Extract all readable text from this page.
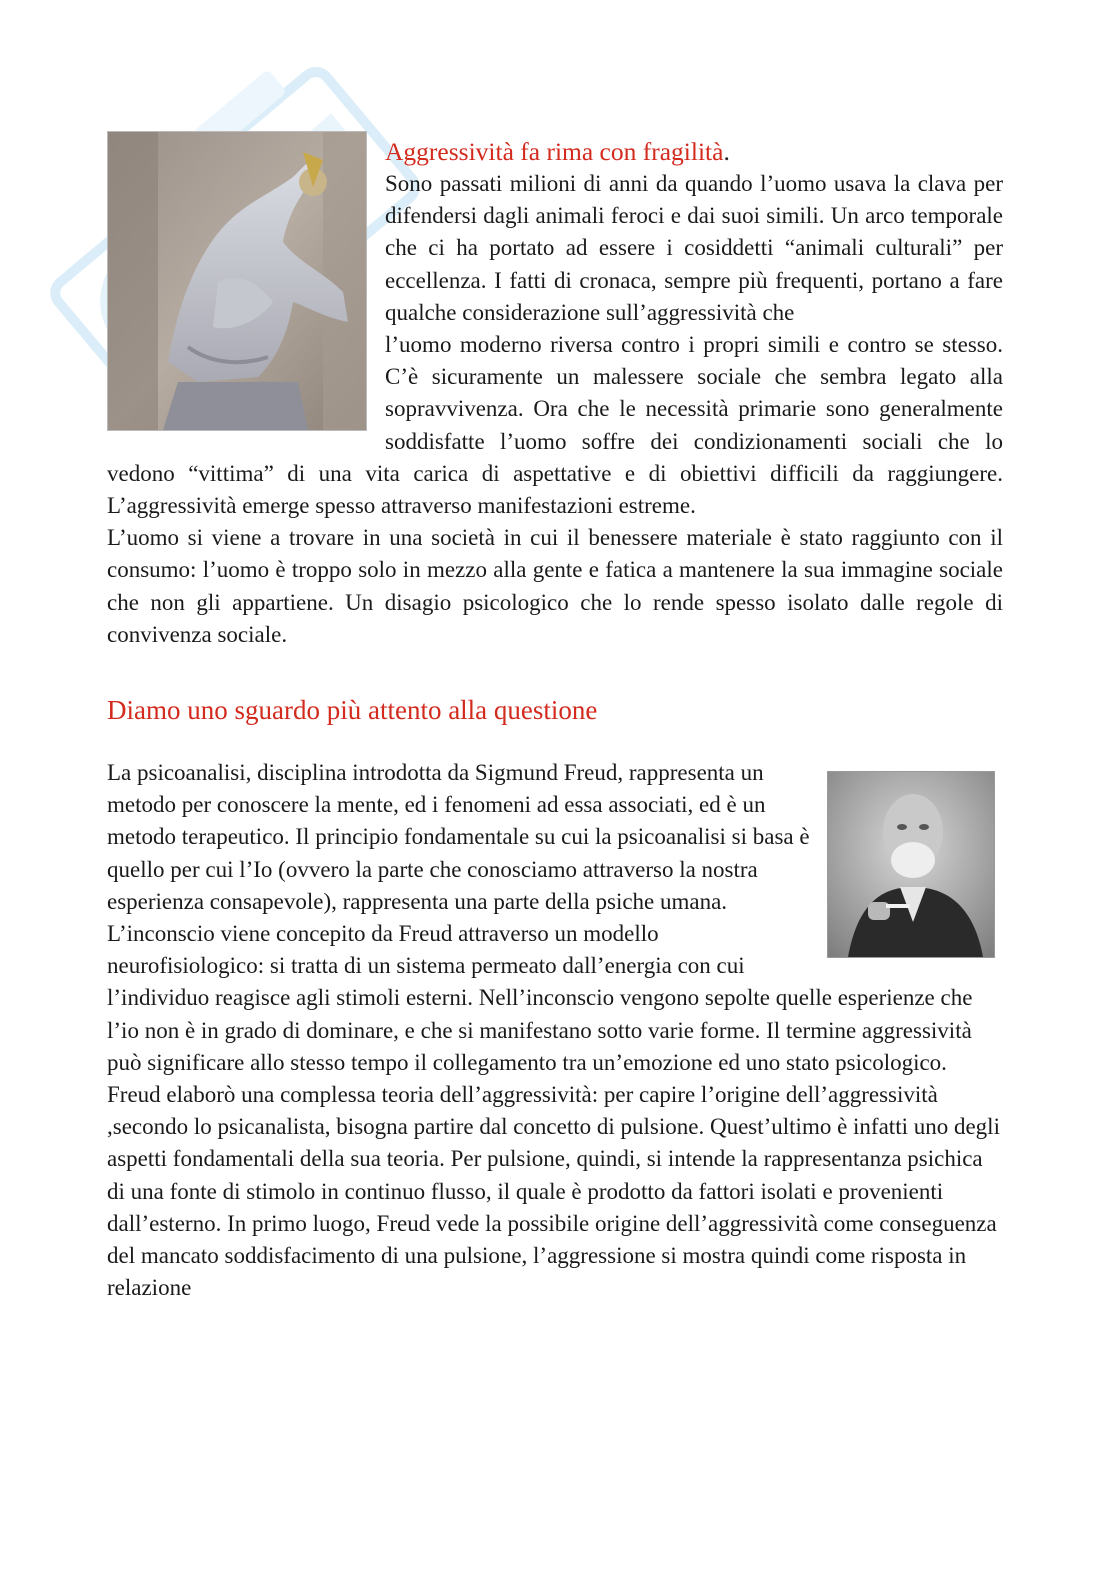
Aggressività fa rima con fragilità.

Sono passati milioni di anni da quando l’uomo usava la clava per difendersi dagli animali feroci e dai suoi simili. Un arco temporale che ci ha portato ad essere i cosiddetti “animali culturali” per eccellenza. I fatti di cronaca, sempre più frequenti, portano a fare qualche considerazione sull’aggressività che

l’uomo moderno riversa contro i propri simili e contro se stesso. C’è sicuramente un malessere sociale che sembra legato alla sopravvivenza. Ora che le necessità primarie sono generalmente soddisfatte l’uomo soffre dei condizionamenti sociali che lo vedono “vittima” di una vita carica di aspettative e di obiettivi difficili da raggiungere. L’aggressività emerge spesso attraverso manifestazioni estreme.

L’uomo si viene a trovare in una società in cui il benessere materiale è stato raggiunto con il consumo: l’uomo è troppo solo in mezzo alla gente e fatica a mantenere la sua immagine sociale che non gli appartiene. Un disagio psicologico che lo rende spesso isolato dalle regole di convivenza sociale.

Diamo uno sguardo più attento alla questione

La psicoanalisi, disciplina introdotta da Sigmund Freud, rappresenta un metodo per conoscere la mente, ed i fenomeni ad essa associati, ed è un metodo terapeutico. Il principio fondamentale su cui la psicoanalisi si basa è quello per cui l’Io (ovvero la parte che conosciamo attraverso la nostra esperienza consapevole), rappresenta una parte della psiche umana. L’inconscio viene concepito da Freud attraverso un modello neurofisiologico: si tratta di un sistema permeato dall’energia con cui l’individuo reagisce agli stimoli esterni. Nell’inconscio vengono sepolte quelle esperienze che l’io non è in grado di dominare, e che si manifestano sotto varie forme. Il termine aggressività può significare allo stesso tempo il collegamento tra un’emozione ed uno stato psicologico. Freud elaborò una complessa teoria dell’aggressività: per capire l’origine dell’aggressività ,secondo lo psicanalista, bisogna partire dal concetto di pulsione. Quest’ultimo è infatti uno degli aspetti fondamentali della sua teoria. Per pulsione, quindi, si intende la rappresentanza psichica di una fonte di stimolo in continuo flusso, il quale è prodotto da fattori isolati e provenienti dall’esterno. In primo luogo, Freud vede la possibile origine dell’aggressività come conseguenza del mancato soddisfacimento di una pulsione, l’aggressione si mostra quindi come risposta in relazione
